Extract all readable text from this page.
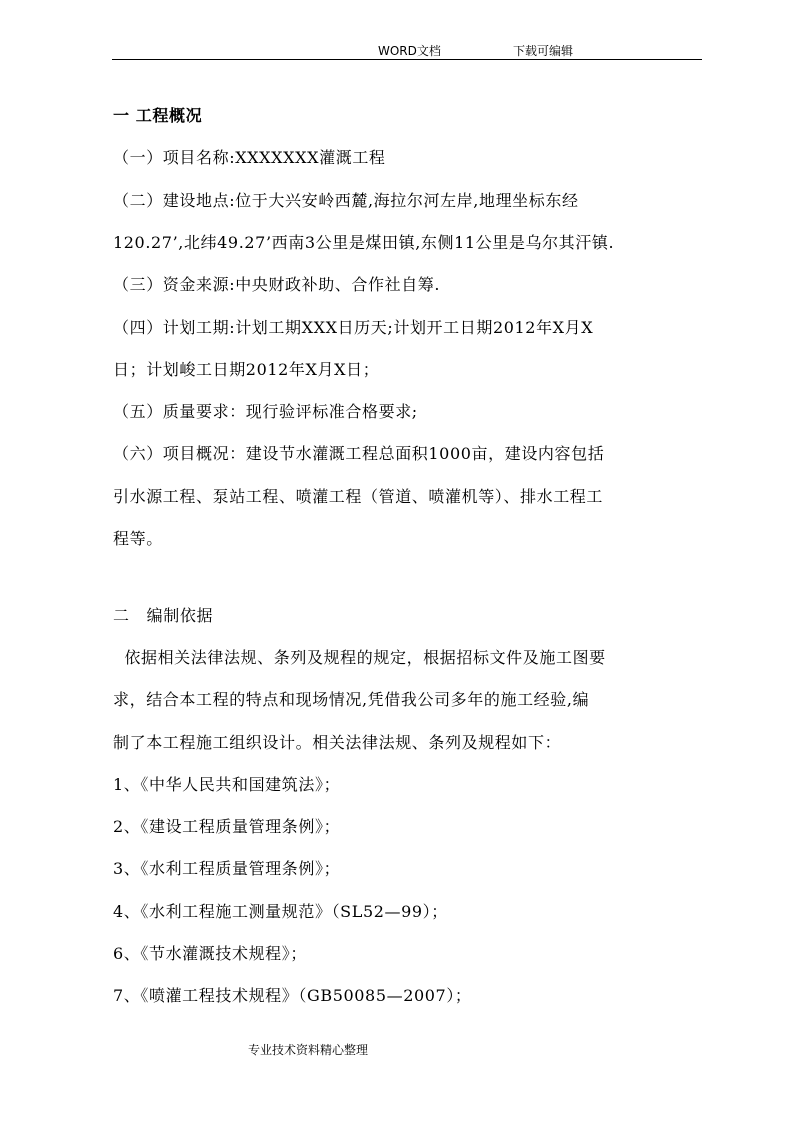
WORD文档	下载可编辑
一 工程概况
（一）项目名称:XXXXXXX灌溉工程
（二）建设地点:位于大兴安岭西麓,海拉尔河左岸,地理坐标东经
120.27’,北纬49.27’西南3公里是煤田镇,东侧11公里是乌尔其汗镇.
（三）资金来源:中央财政补助、合作社自筹.
（四）计划工期:计划工期XXX日历天;计划开工日期2012年X月X
日；计划峻工日期2012年X月X日；
（五）质量要求：现行验评标准合格要求;
（六）项目概况：建设节水灌溉工程总面积1000亩，建设内容包括
引水源工程、泵站工程、喷灌工程（管道、喷灌机等）、排水工程工
程等。
二   编制依据
依据相关法律法规、条列及规程的规定，根据招标文件及施工图要
求，结合本工程的特点和现场情况,凭借我公司多年的施工经验,编
制了本工程施工组织设计。相关法律法规、条列及规程如下：
1、《中华人民共和国建筑法》；
2、《建设工程质量管理条例》；
3、《水利工程质量管理条例》；
4、《水利工程施工测量规范》（SL52—99）；
6、《节水灌溉技术规程》；
7、《喷灌工程技术规程》（GB50085—2007）；
专业技术资料精心整理
